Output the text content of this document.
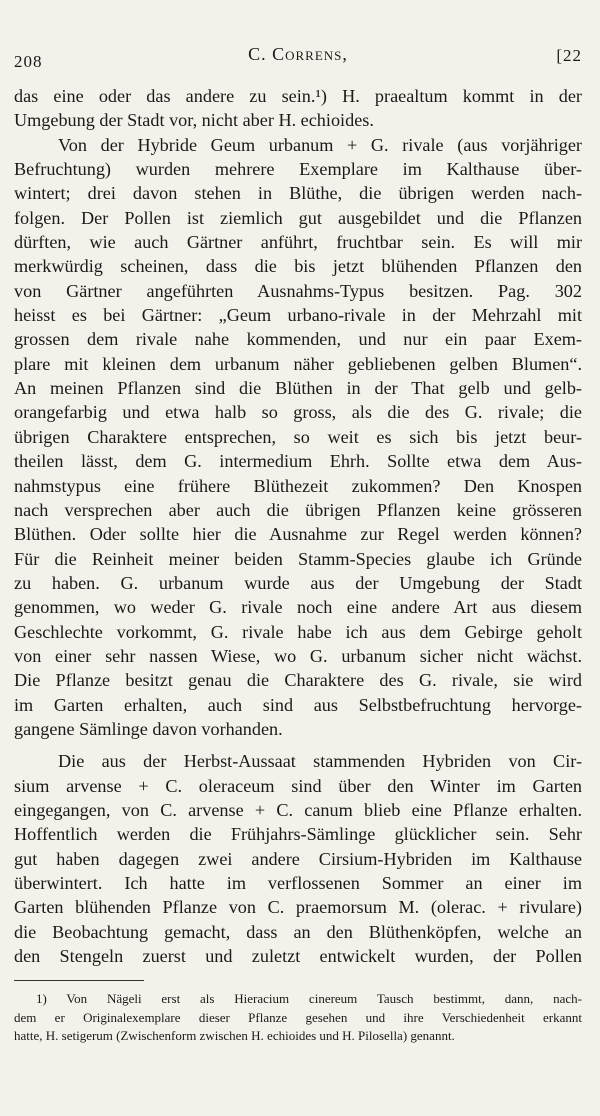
208	C. Correns,	[22

das eine oder das andere zu sein.¹) H. praealtum kommt in der
Umgebung der Stadt vor, nicht aber H. echioides.

Von der Hybride Geum urbanum + G. rivale (aus vorjähriger
Befruchtung) wurden mehrere Exemplare im Kalthause über-
wintert; drei davon stehen in Blüthe, die übrigen werden nach-
folgen. Der Pollen ist ziemlich gut ausgebildet und die Pflanzen
dürften, wie auch Gärtner anführt, fruchtbar sein. Es will mir
merkwürdig scheinen, dass die bis jetzt blühenden Pflanzen den
von Gärtner angeführten Ausnahms-Typus besitzen. Pag. 302
heisst es bei Gärtner: „Geum urbano-rivale in der Mehrzahl mit
grossen dem rivale nahe kommenden, und nur ein paar Exem-
plare mit kleinen dem urbanum näher gebliebenen gelben Blumen“.
An meinen Pflanzen sind die Blüthen in der That gelb und gelb-
orangefarbig und etwa halb so gross, als die des G. rivale; die
übrigen Charaktere entsprechen, so weit es sich bis jetzt beur-
theilen lässt, dem G. intermedium Ehrh. Sollte etwa dem Aus-
nahmstypus eine frühere Blüthezeit zukommen? Den Knospen
nach versprechen aber auch die übrigen Pflanzen keine grösseren
Blüthen. Oder sollte hier die Ausnahme zur Regel werden können?
Für die Reinheit meiner beiden Stamm-Species glaube ich Gründe
zu haben. G. urbanum wurde aus der Umgebung der Stadt
genommen, wo weder G. rivale noch eine andere Art aus diesem
Geschlechte vorkommt, G. rivale habe ich aus dem Gebirge geholt
von einer sehr nassen Wiese, wo G. urbanum sicher nicht wächst.
Die Pflanze besitzt genau die Charaktere des G. rivale, sie wird
im Garten erhalten, auch sind aus Selbstbefruchtung hervorge-
gangene Sämlinge davon vorhanden.

Die aus der Herbst-Aussaat stammenden Hybriden von Cir-
sium arvense + C. oleraceum sind über den Winter im Garten
eingegangen, von C. arvense + C. canum blieb eine Pflanze erhalten.
Hoffentlich werden die Frühjahrs-Sämlinge glücklicher sein. Sehr
gut haben dagegen zwei andere Cirsium-Hybriden im Kalthause
überwintert. Ich hatte im verflossenen Sommer an einer im
Garten blühenden Pflanze von C. praemorsum M. (olerac. + rivulare)
die Beobachtung gemacht, dass an den Blüthenköpfen, welche an
den Stengeln zuerst und zuletzt entwickelt wurden, der Pollen

1) Von Nägeli erst als Hieracium cinereum Tausch bestimmt, dann, nach-
dem er Originalexemplare dieser Pflanze gesehen und ihre Verschiedenheit erkannt
hatte, H. setigerum (Zwischenform zwischen H. echioides und H. Pilosella) genannt.
